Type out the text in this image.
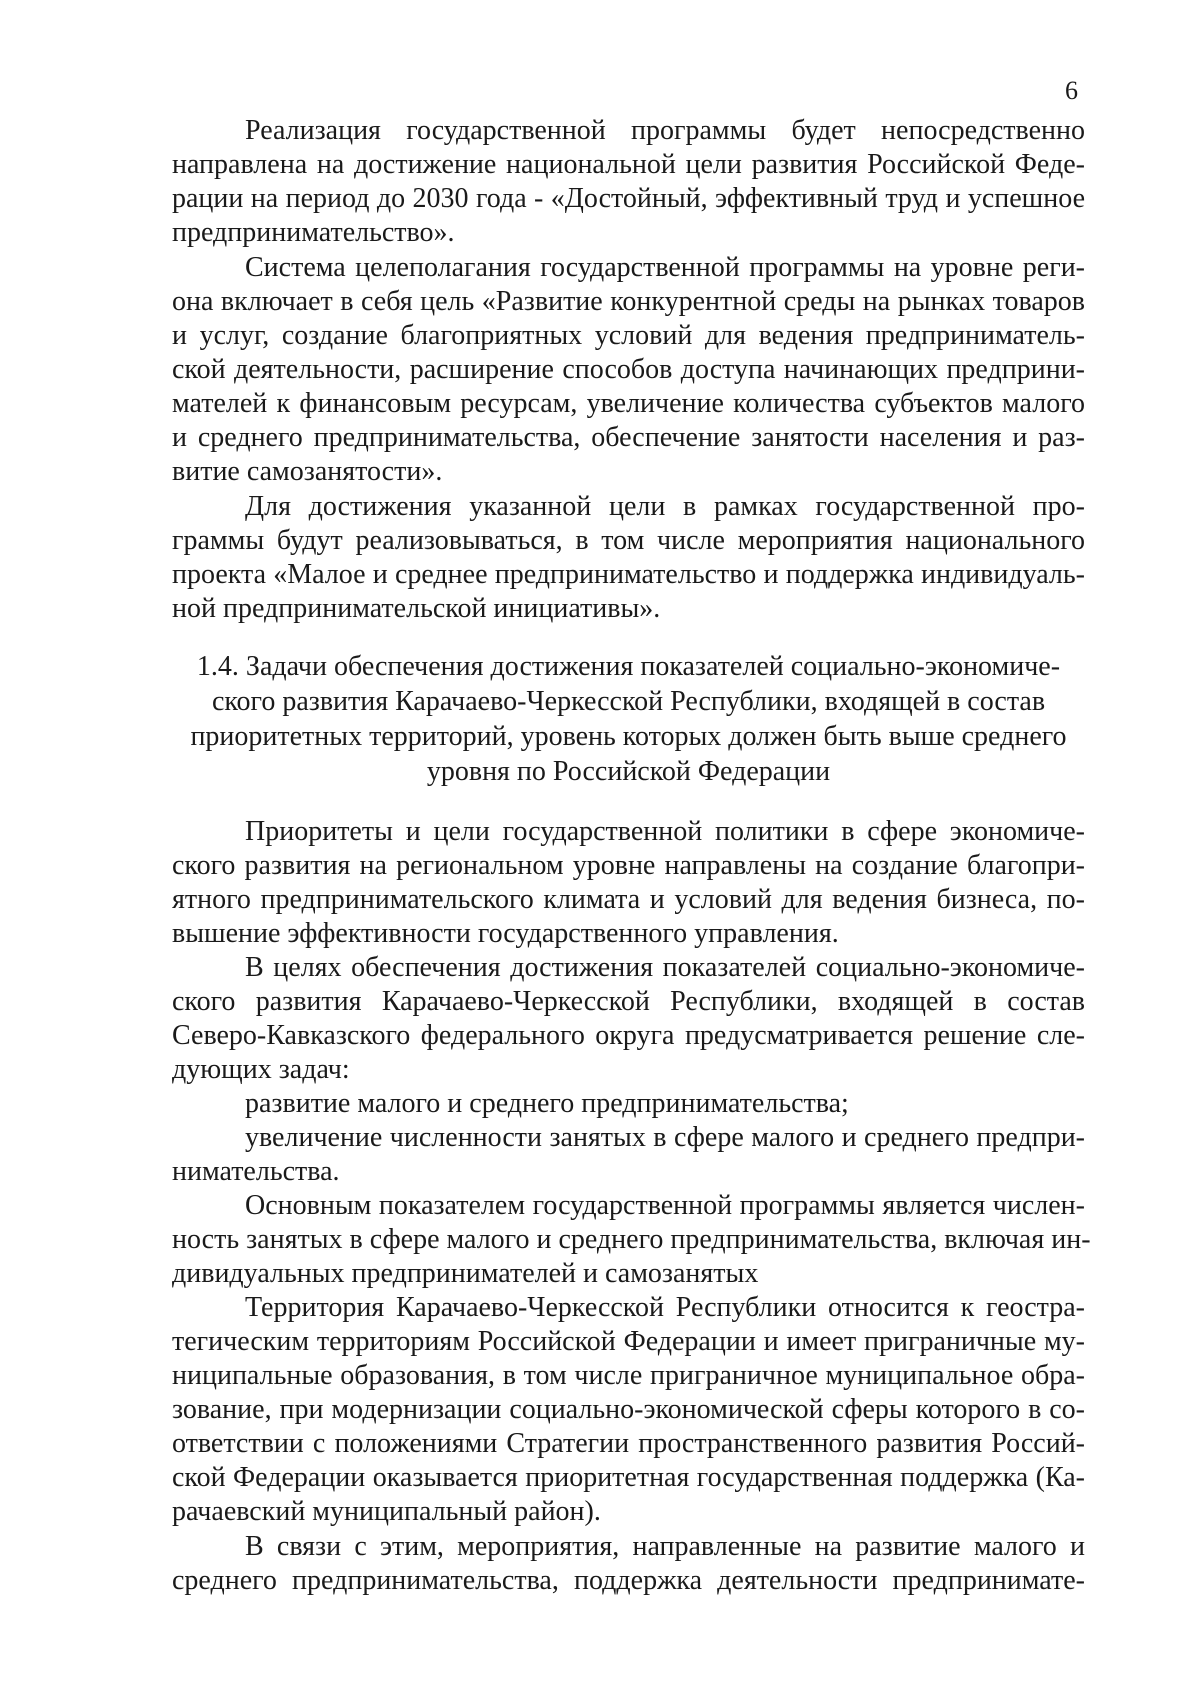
6
Реализация государственной программы будет непосредственно
направлена на достижение национальной цели развития Российской Феде-
рации на период до 2030 года - «Достойный, эффективный труд и успешное
предпринимательство».
Система целеполагания государственной программы на уровне реги-
она включает в себя цель «Развитие конкурентной среды на рынках товаров
и услуг, создание благоприятных условий для ведения предприниматель-
ской деятельности, расширение способов доступа начинающих предприни-
мателей к финансовым ресурсам, увеличение количества субъектов малого
и среднего предпринимательства, обеспечение занятости населения и раз-
витие самозанятости».
Для достижения указанной цели в рамках государственной про-
граммы будут реализовываться, в том числе мероприятия национального
проекта «Малое и среднее предпринимательство и поддержка индивидуаль-
ной предпринимательской инициативы».
1.4. Задачи обеспечения достижения показателей социально-экономиче-
ского развития Карачаево-Черкесской Республики, входящей в состав
приоритетных территорий, уровень которых должен быть выше среднего
уровня по Российской Федерации
Приоритеты и цели государственной политики в сфере экономиче-
ского развития на региональном уровне направлены на создание благопри-
ятного предпринимательского климата и условий для ведения бизнеса, по-
вышение эффективности государственного управления.
В целях обеспечения достижения показателей социально-экономиче-
ского развития Карачаево-Черкесской Республики, входящей в состав
Северо-Кавказского федерального округа предусматривается решение сле-
дующих задач:
развитие малого и среднего предпринимательства;
увеличение численности занятых в сфере малого и среднего предпри-
нимательства.
Основным показателем государственной программы является числен-
ность занятых в сфере малого и среднего предпринимательства, включая ин-
дивидуальных предпринимателей и самозанятых
Территория Карачаево-Черкесской Республики относится к геостра-
тегическим территориям Российской Федерации и имеет приграничные му-
ниципальные образования, в том числе приграничное муниципальное обра-
зование, при модернизации социально-экономической сферы которого в со-
ответствии с положениями Стратегии пространственного развития Россий-
ской Федерации оказывается приоритетная государственная поддержка (Ка-
рачаевский муниципальный район).
В связи с этим, мероприятия, направленные на развитие малого и
среднего предпринимательства, поддержка деятельности предпринимате-
